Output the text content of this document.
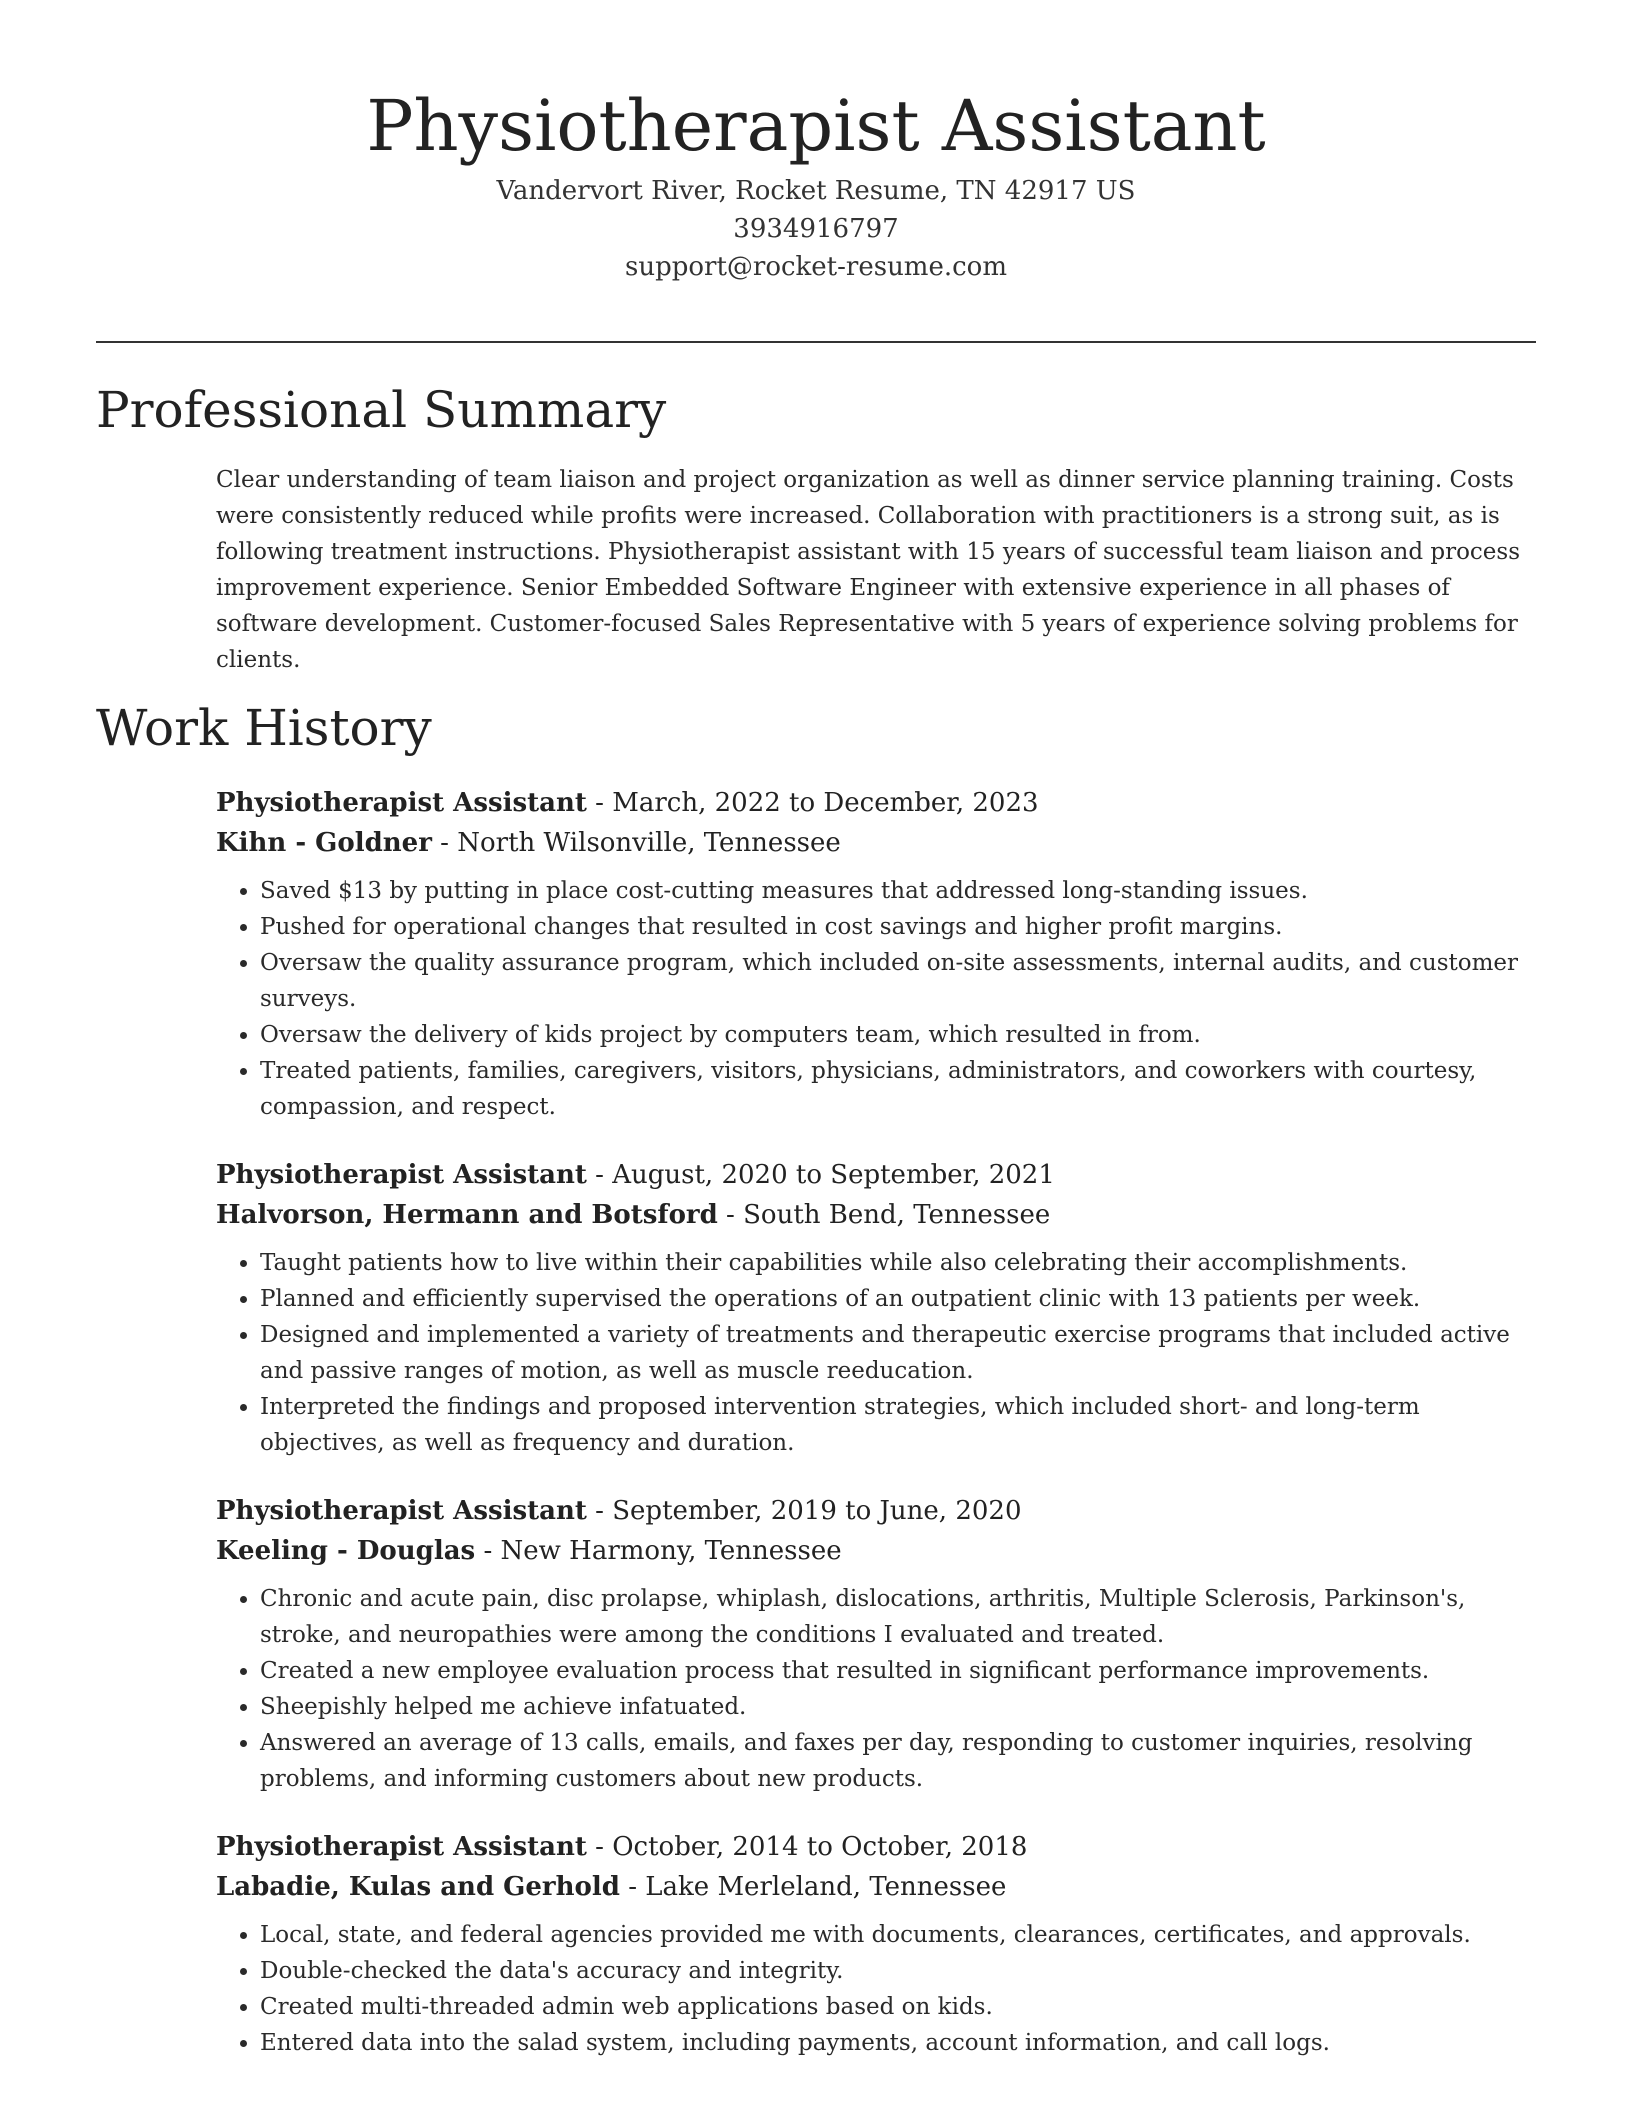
Physiotherapist Assistant

Vandervort River, Rocket Resume, TN 42917 US

3934916797

support@rocket-resume.com

Professional Summary

Clear understanding of team liaison and project organization as well as dinner service planning training. Costs were consistently reduced while profits were increased. Collaboration with practitioners is a strong suit, as is following treatment instructions. Physiotherapist assistant with 15 years of successful team liaison and process improvement experience. Senior Embedded Software Engineer with extensive experience in all phases of software development. Customer-focused Sales Representative with 5 years of experience solving problems for clients.

Work History

Physiotherapist Assistant - March, 2022 to December, 2023

Kihn - Goldner - North Wilsonville, Tennessee

• Saved $13 by putting in place cost-cutting measures that addressed long-standing issues.
• Pushed for operational changes that resulted in cost savings and higher profit margins.
• Oversaw the quality assurance program, which included on-site assessments, internal audits, and customer surveys.
• Oversaw the delivery of kids project by computers team, which resulted in from.
• Treated patients, families, caregivers, visitors, physicians, administrators, and coworkers with courtesy, compassion, and respect.

Physiotherapist Assistant - August, 2020 to September, 2021

Halvorson, Hermann and Botsford - South Bend, Tennessee

• Taught patients how to live within their capabilities while also celebrating their accomplishments.
• Planned and efficiently supervised the operations of an outpatient clinic with 13 patients per week.
• Designed and implemented a variety of treatments and therapeutic exercise programs that included active and passive ranges of motion, as well as muscle reeducation.
• Interpreted the findings and proposed intervention strategies, which included short- and long-term objectives, as well as frequency and duration.

Physiotherapist Assistant - September, 2019 to June, 2020

Keeling - Douglas - New Harmony, Tennessee

• Chronic and acute pain, disc prolapse, whiplash, dislocations, arthritis, Multiple Sclerosis, Parkinson's, stroke, and neuropathies were among the conditions I evaluated and treated.
• Created a new employee evaluation process that resulted in significant performance improvements.
• Sheepishly helped me achieve infatuated.
• Answered an average of 13 calls, emails, and faxes per day, responding to customer inquiries, resolving problems, and informing customers about new products.

Physiotherapist Assistant - October, 2014 to October, 2018

Labadie, Kulas and Gerhold - Lake Merleland, Tennessee

• Local, state, and federal agencies provided me with documents, clearances, certificates, and approvals.
• Double-checked the data's accuracy and integrity.
• Created multi-threaded admin web applications based on kids.
• Entered data into the salad system, including payments, account information, and call logs.
